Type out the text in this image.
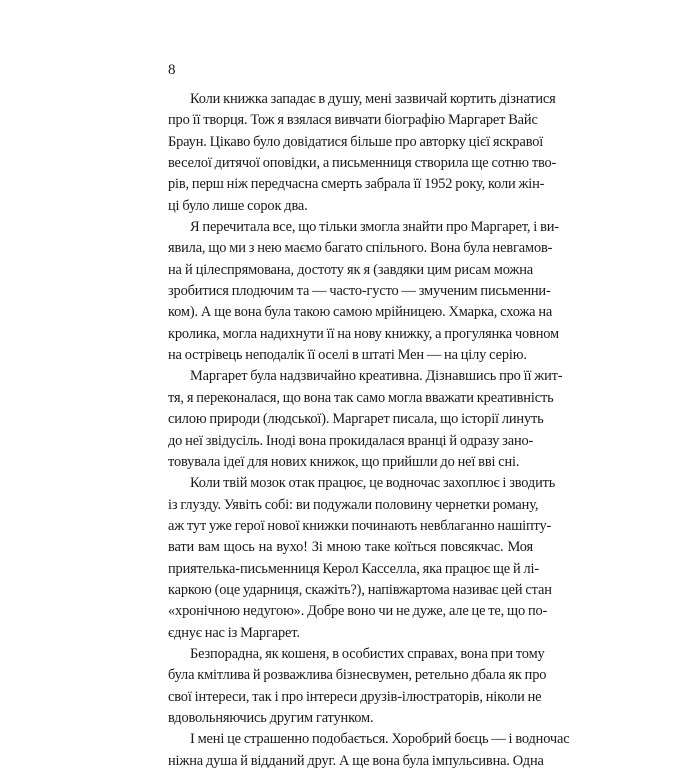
8
Коли книжка западає в душу, мені зазвичай кортить дізнатися
про її творця. Тож я взялася вивчати біографію Маргарет Вайс
Браун. Цікаво було довідатися більше про авторку цієї яскравої
веселої дитячої оповідки, а письменниця створила ще сотню тво-
рів, перш ніж передчасна смерть забрала її 1952 року, коли жін-
ці було лише сорок два.
Я перечитала все, що тільки змогла знайти про Маргарет, і ви-
явила, що ми з нею маємо багато спільного. Вона була невгамов-
на й цілеспрямована, достоту як я (завдяки цим рисам можна
зробитися плодючим та — часто-густо — змученим письменни-
ком). А ще вона була такою самою мрійницею. Хмарка, схожа на
кролика, могла надихнути її на нову книжку, а прогулянка човном
на острівець неподалік її оселі в штаті Мен — на цілу серію.
Маргарет була надзвичайно креативна. Дізнавшись про її жит-
тя, я переконалася, що вона так само могла вважати креативність
силою природи (людської). Маргарет писала, що історії линуть
до неї звідусіль. Іноді вона прокидалася вранці й одразу зано-
товувала ідеї для нових книжок, що прийшли до неї вві сні.
Коли твій мозок отак працює, це водночас захоплює і зводить
із глузду. Уявіть собі: ви подужали половину чернетки роману,
аж тут уже герої нової книжки починають невблаганно нашіпту-
вати вам щось на вухо! Зі мною таке коїться повсякчас. Моя
приятелька-письменниця Керол Касселла, яка працює ще й лі-
каркою (оце ударниця, скажіть?), напівжартома називає цей стан
«хронічною недугою». Добре воно чи не дуже, але це те, що по-
єднує нас із Маргарет.
Безпорадна, як кошеня, в особистих справах, вона при тому
була кмітлива й розважлива бізнесвумен, ретельно дбала як про
свої інтереси, так і про інтереси друзів-ілюстраторів, ніколи не
вдовольняючись другим гатунком.
І мені це страшенно подобається. Хоробрий боєць — і водночас
ніжна душа й відданий друг. А ще вона була імпульсивна. Одна
